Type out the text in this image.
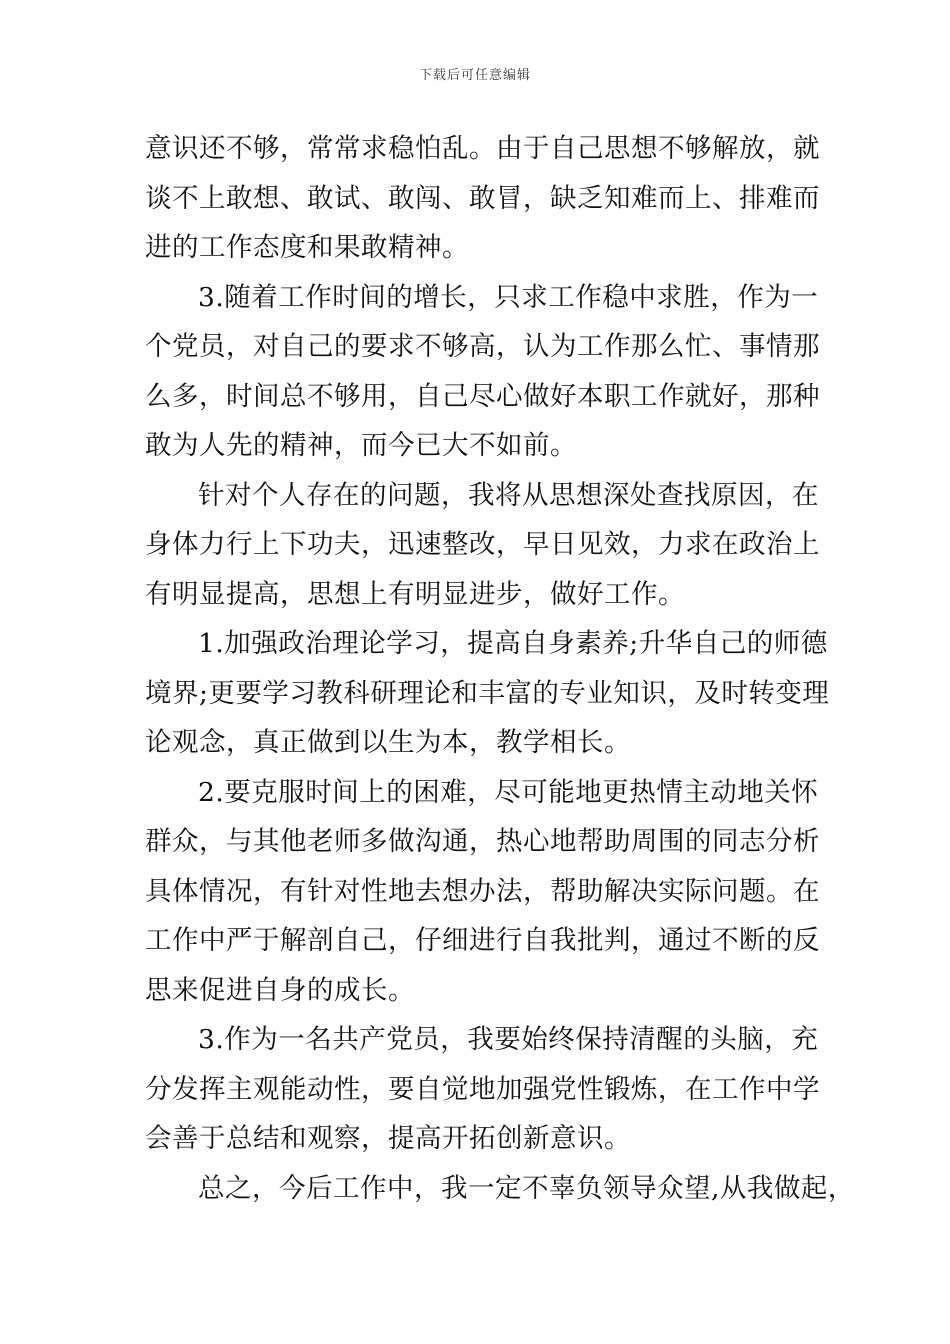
下载后可任意编辑

意识还不够，常常求稳怕乱。由于自己思想不够解放，就
谈不上敢想、敢试、敢闯、敢冒，缺乏知难而上、排难而
进的工作态度和果敢精神。

3.随着工作时间的增长，只求工作稳中求胜，作为一
个党员，对自己的要求不够高，认为工作那么忙、事情那
么多，时间总不够用，自己尽心做好本职工作就好，那种
敢为人先的精神，而今已大不如前。

针对个人存在的问题，我将从思想深处查找原因，在
身体力行上下功夫，迅速整改，早日见效，力求在政治上
有明显提高，思想上有明显进步，做好工作。

1.加强政治理论学习，提高自身素养;升华自己的师德
境界;更要学习教科研理论和丰富的专业知识，及时转变理
论观念，真正做到以生为本，教学相长。

2.要克服时间上的困难，尽可能地更热情主动地关怀
群众，与其他老师多做沟通，热心地帮助周围的同志分析
具体情况，有针对性地去想办法，帮助解决实际问题。在
工作中严于解剖自己，仔细进行自我批判，通过不断的反
思来促进自身的成长。

3.作为一名共产党员，我要始终保持清醒的头脑，充
分发挥主观能动性，要自觉地加强党性锻炼，在工作中学
会善于总结和观察，提高开拓创新意识。

总之，今后工作中，我一定不辜负领导众望,从我做起，
